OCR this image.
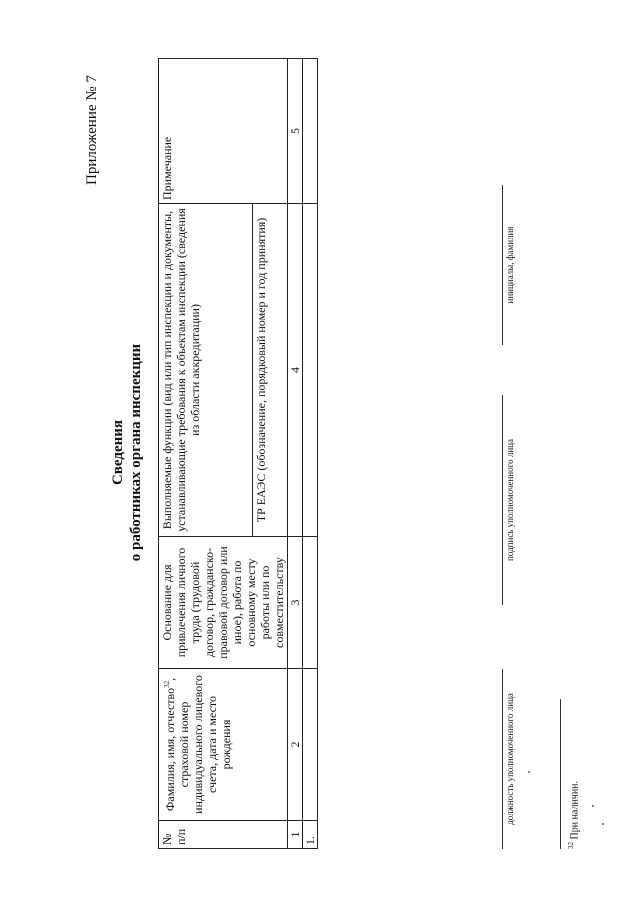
Приложение № 7
Сведения о работниках органа инспекции
№ п/п	Фамилия, имя, отчество$^{32}$, страховой номер индивидуального лицевого счета, дата и место рождения	Основание для привлечения личного труда (трудовой договор, гражданско-правовой договор или иное), работа по основному месту работы или по совместительству	Выполняемые функции (вид или тип инспекции и документы, устанавливающие требования к объектам инспекции (сведения из области аккредитации)	Примечание
			ТР ЕАЭС (обозначение, порядковый номер и год принятия)	
1	2	3	4	5
1.				
должность уполномоченного лица
подпись уполномоченного лица
инициалы, фамилия
$^{32}$ При наличии.
